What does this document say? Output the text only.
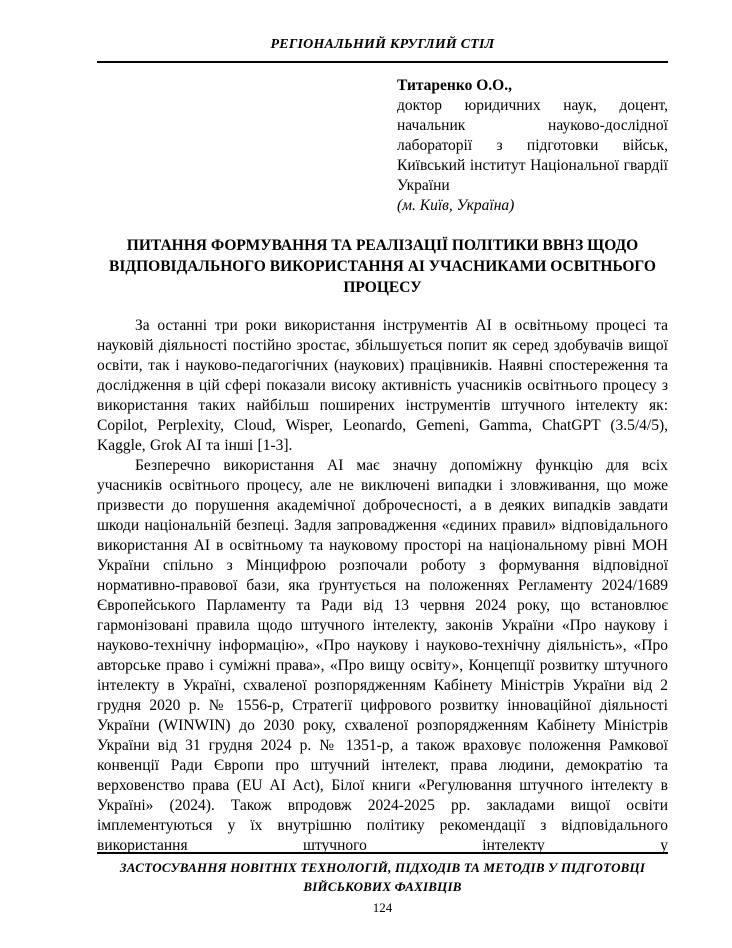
РЕГІОНАЛЬНИЙ КРУГЛИЙ СТІЛ
Титаренко О.О.,
доктор юридичних наук, доцент, начальник науково-дослідної лабораторії з підготовки військ, Київський інститут Національної гвардії України
(м. Київ, Україна)
ПИТАННЯ ФОРМУВАННЯ ТА РЕАЛІЗАЦІЇ ПОЛІТИКИ ВВНЗ ЩОДО ВІДПОВІДАЛЬНОГО ВИКОРИСТАННЯ АІ УЧАСНИКАМИ ОСВІТНЬОГО ПРОЦЕСУ

За останні три роки використання інструментів АІ в освітньому процесі та науковій діяльності постійно зростає, збільшується попит як серед здобувачів вищої освіти, так і науково-педагогічних (наукових) працівників. Наявні спостереження та дослідження в цій сфері показали високу активність учасників освітнього процесу з використання таких найбільш поширених інструментів штучного інтелекту як: Copilot, Perplexity, Cloud, Wisper, Leonardo, Gemeni, Gamma, ChatGPT (3.5/4/5), Kaggle, Grok AI та інші [1-3].

Безперечно використання АІ має значну допоміжну функцію для всіх учасників освітнього процесу, але не виключені випадки і зловживання, що може призвести до порушення академічної доброчесності, а в деяких випадків завдати шкоди національній безпеці. Задля запровадження «єдиних правил» відповідального використання АІ в освітньому та науковому просторі на національному рівні МОН України спільно з Мінцифрою розпочали роботу з формування відповідної нормативно-правової бази, яка ґрунтується на положеннях Регламенту 2024/1689 Європейського Парламенту та Ради від 13 червня 2024 року, що встановлює гармонізовані правила щодо штучного інтелекту, законів України «Про наукову і науково-технічну інформацію», «Про наукову і науково-технічну діяльність», «Про авторське право і суміжні права», «Про вищу освіту», Концепції розвитку штучного інтелекту в Україні, схваленої розпорядженням Кабінету Міністрів України від 2 грудня 2020 р. № 1556-р, Стратегії цифрового розвитку інноваційної діяльності України (WINWIN) до 2030 року, схваленої розпорядженням Кабінету Міністрів України від 31 грудня 2024 р. № 1351-р, а також враховує положення Рамкової конвенції Ради Європи про штучний інтелект, права людини, демократію та верховенство права (EU AI Act), Білої книги «Регулювання штучного інтелекту в Україні» (2024). Також впродовж 2024-2025 рр. закладами вищої освіти імплементуються у їх внутрішню політику рекомендації з відповідального використання штучного інтелекту у

ЗАСТОСУВАННЯ НОВІТНІХ ТЕХНОЛОГІЙ, ПІДХОДІВ ТА МЕТОДІВ У ПІДГОТОВЦІ ВІЙСЬКОВИХ ФАХІВЦІВ
124
